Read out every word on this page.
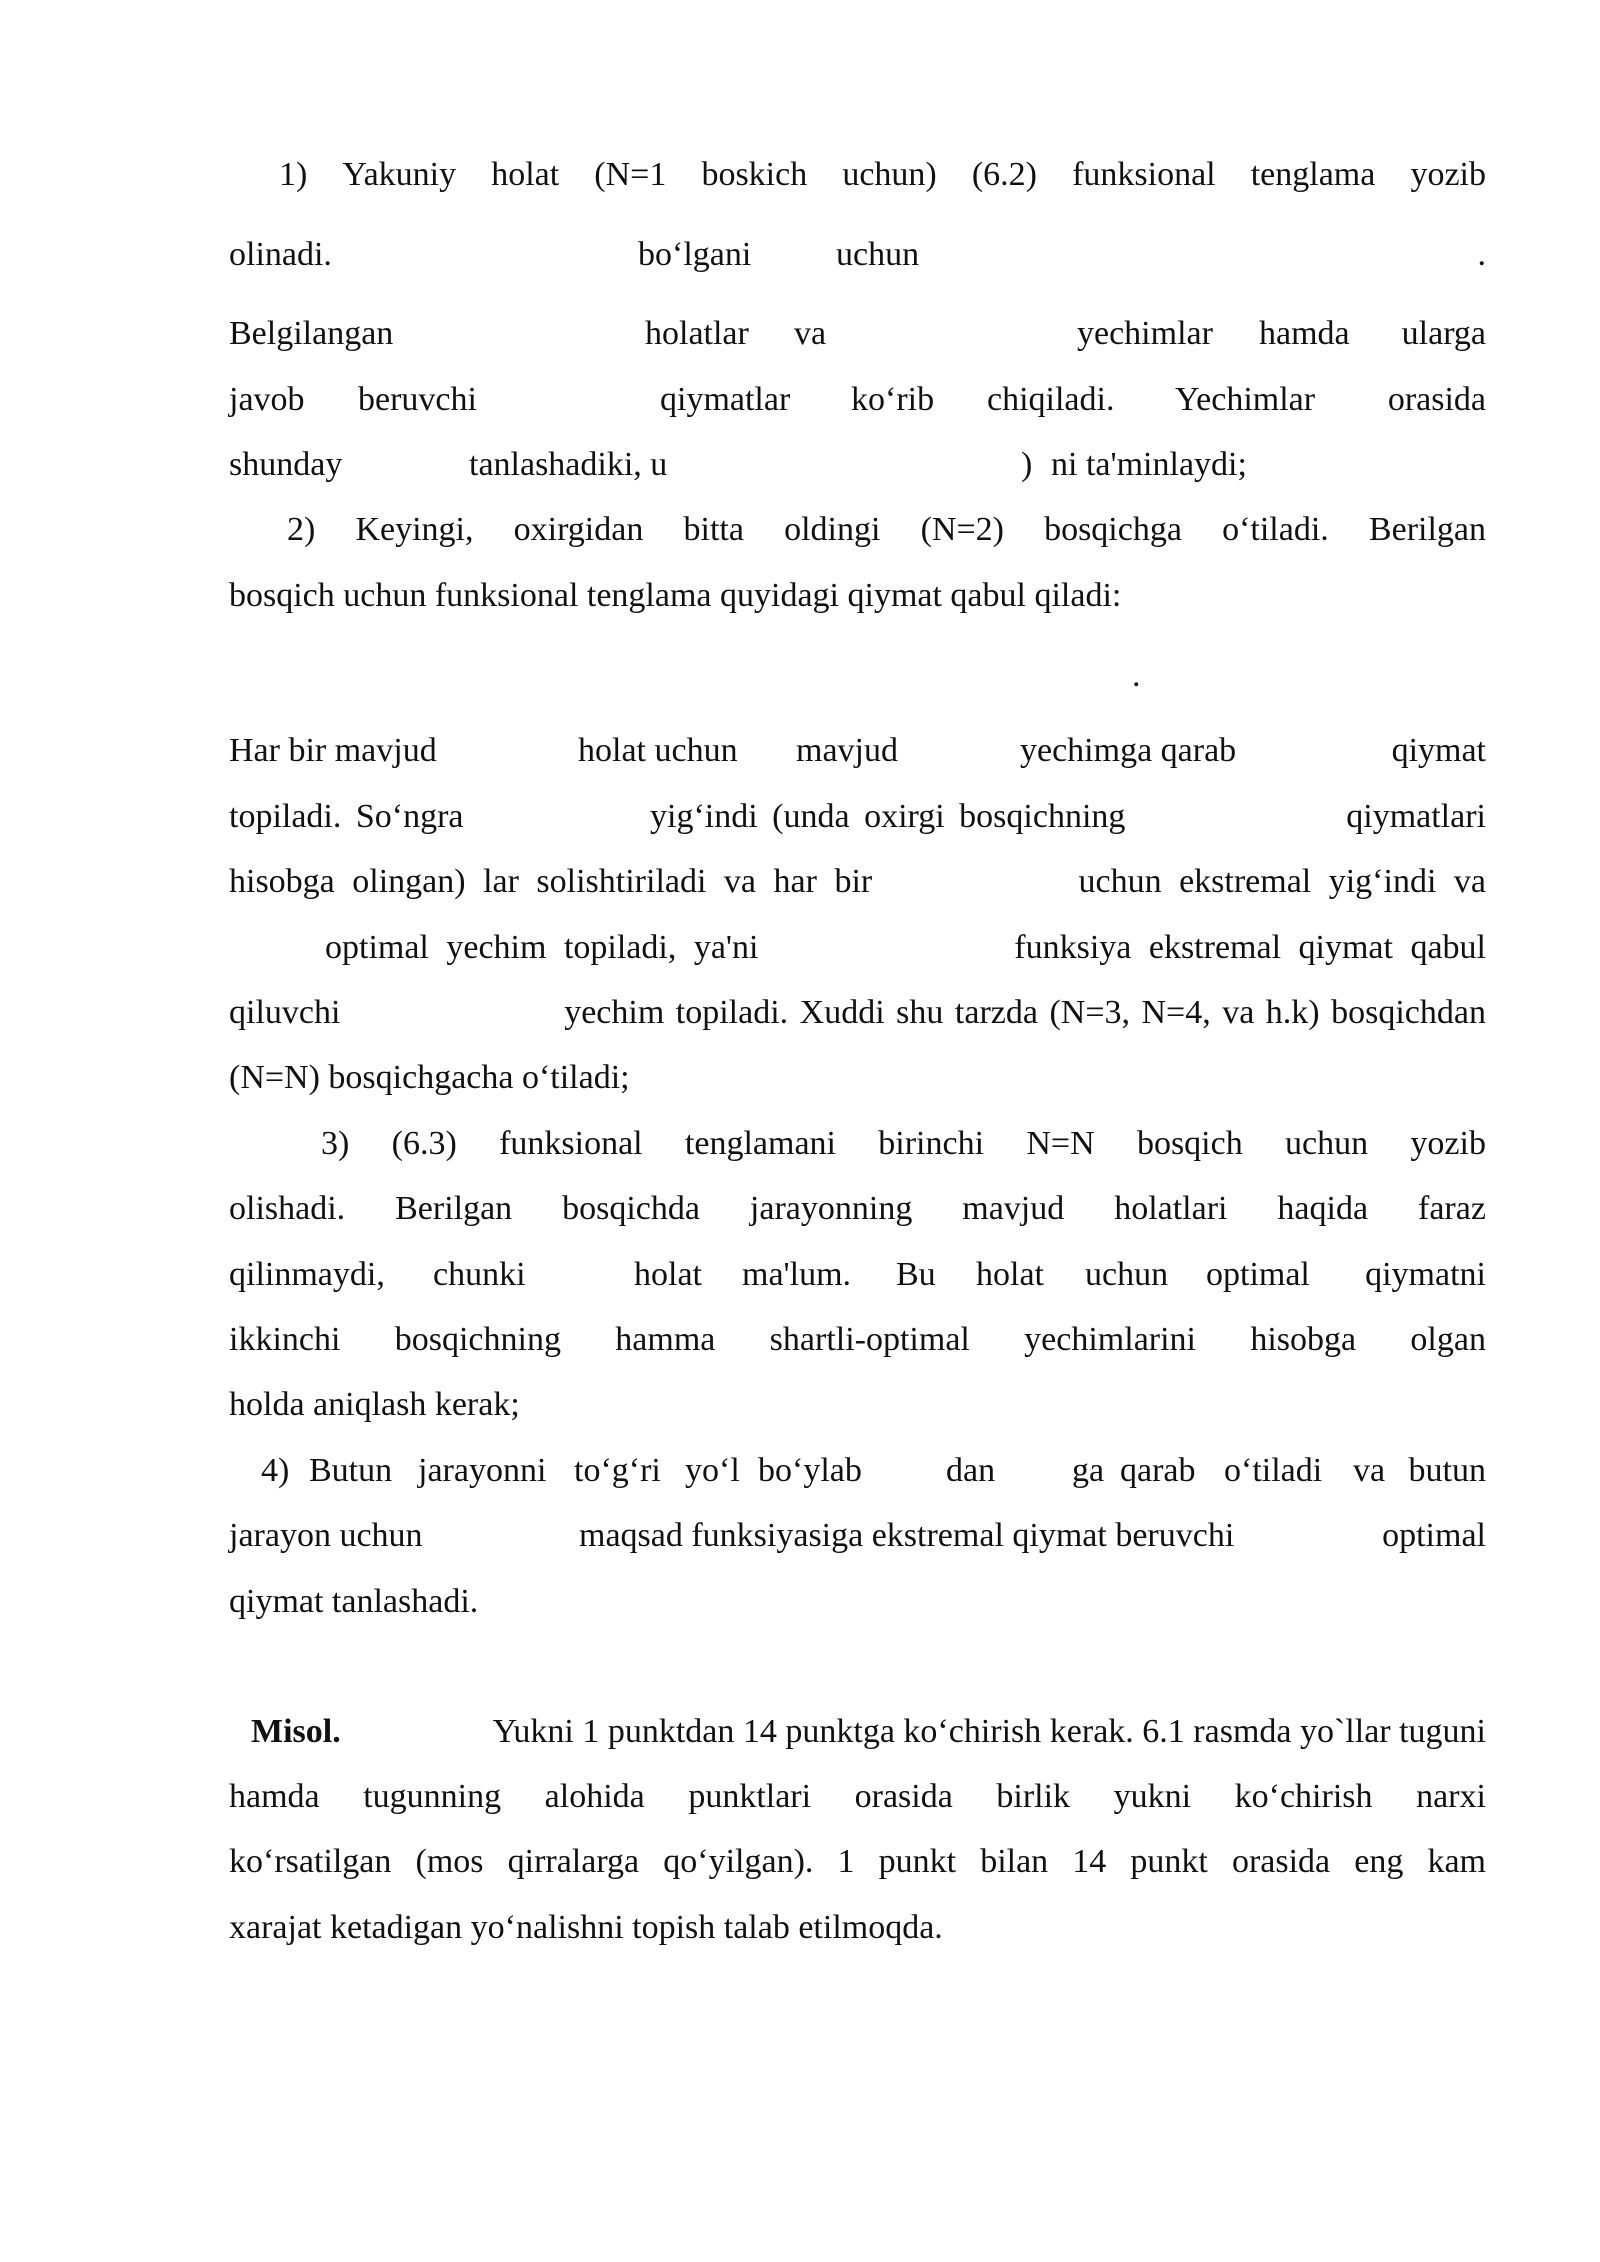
1) Yakuniy holat (N=1 boskich uchun) (6.2) funksional tenglama yozib
olinadi.	bo‘lgani uchun	.
Belgilangan	holatlar va	yechimlar hamda ularga
javob beruvchi	qiymatlar ko‘rib chiqiladi. Yechimlar orasida
shunday	tanlashadiki, u	) ni ta'minlaydi;
2) Keyingi, oxirgidan bitta oldingi (N=2) bosqichga o‘tiladi. Berilgan
bosqich uchun funksional tenglama quyidagi qiymat qabul qiladi:
.
Har bir mavjud	holat uchun mavjud	yechimga qarab	qiymat
topiladi. So‘ngra	yig‘indi (unda oxirgi bosqichning	qiymatlari
hisobga olingan) lar solishtiriladi va har bir	uchun ekstremal yig‘indi va
optimal yechim topiladi, ya'ni	funksiya ekstremal qiymat qabul
qiluvchi	yechim topiladi. Xuddi shu tarzda (N=3, N=4, va h.k) bosqichdan
(N=N) bosqichgacha o‘tiladi;
3) (6.3) funksional tenglamani birinchi N=N bosqich uchun yozib
olishadi. Berilgan bosqichda jarayonning mavjud holatlari haqida faraz
qilinmaydi, chunki	holat ma'lum. Bu holat uchun optimal qiymatni
ikkinchi bosqichning hamma shartli-optimal yechimlarini hisobga olgan
holda aniqlash kerak;
4) Butun jarayonni to‘g‘ri yo‘l bo‘ylab dan ga qarab o‘tiladi va butun
jarayon uchun	maqsad funksiyasiga ekstremal qiymat beruvchi	optimal
qiymat tanlashadi.
Misol.	Yukni 1 punktdan 14 punktga ko‘chirish kerak. 6.1 rasmda yo`llar tuguni
hamda tugunning alohida punktlari orasida birlik yukni ko‘chirish narxi
ko‘rsatilgan (mos qirralarga qo‘yilgan). 1 punkt bilan 14 punkt orasida eng kam
xarajat ketadigan yo‘nalishni topish talab etilmoqda.
